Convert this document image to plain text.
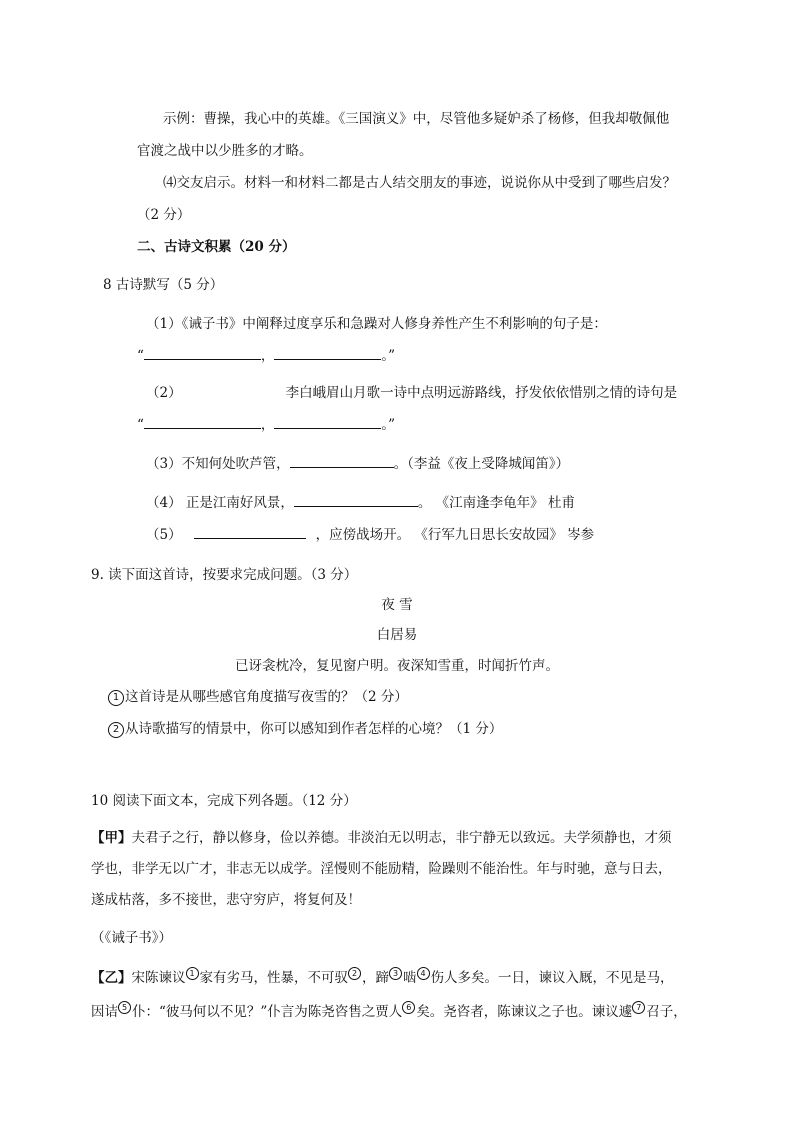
示例：曹操，我心中的英雄。《三国演义》中，尽管他多疑妒杀了杨修，但我却敬佩他
官渡之战中以少胜多的才略。
⑷交友启示。材料一和材料二都是古人结交朋友的事迹，说说你从中受到了哪些启发？
（2 分）
二、古诗文积累（20 分）
8 古诗默写（5 分）
（1）《诫子书》中阐释过度享乐和急躁对人修身养性产生不利影响的句子是：
“	，	。”
（2）	李白峨眉山月歌一诗中点明远游路线，抒发依依惜别之情的诗句是
“	，	。”
（3）不知何处吹芦管，	。（李益《夜上受降城闻笛》）
（4） 正是江南好风景，	。 《江南逢李龟年》 杜甫
（5）	，应傍战场开。 《行军九日思长安故园》 岑参
9. 读下面这首诗，按要求完成问题。（3 分）
夜 雪
白居易
已讶衾枕冷，复见窗户明。夜深知雪重，时闻折竹声。
1 这首诗是从哪些感官角度描写夜雪的？（2 分）
2 从诗歌描写的情景中，你可以感知到作者怎样的心境？（1 分）
10 阅读下面文本，完成下列各题。（12 分）
【甲】夫君子之行，静以修身，俭以养德。非淡泊无以明志，非宁静无以致远。夫学须静也，才须
学也，非学无以广才，非志无以成学。淫慢则不能励精，险躁则不能治性。年与时驰，意与日去，
遂成枯落，多不接世，悲守穷庐，将复何及！
（《诫子书》）
【乙】宋陈谏议 $^1$ 家有劣马，性暴，不可驭 $^2$ ，蹄 $^3$ 啮 $^4$ 伤人多矣。一日，谏议入厩，不见是马，
因诘 $^5$ 仆：“彼马何以不见？”仆言为陈尧咨售之贾人 $^6$ 矣。尧咨者，陈谏议之子也。谏议遽 $^7$ 召子，
